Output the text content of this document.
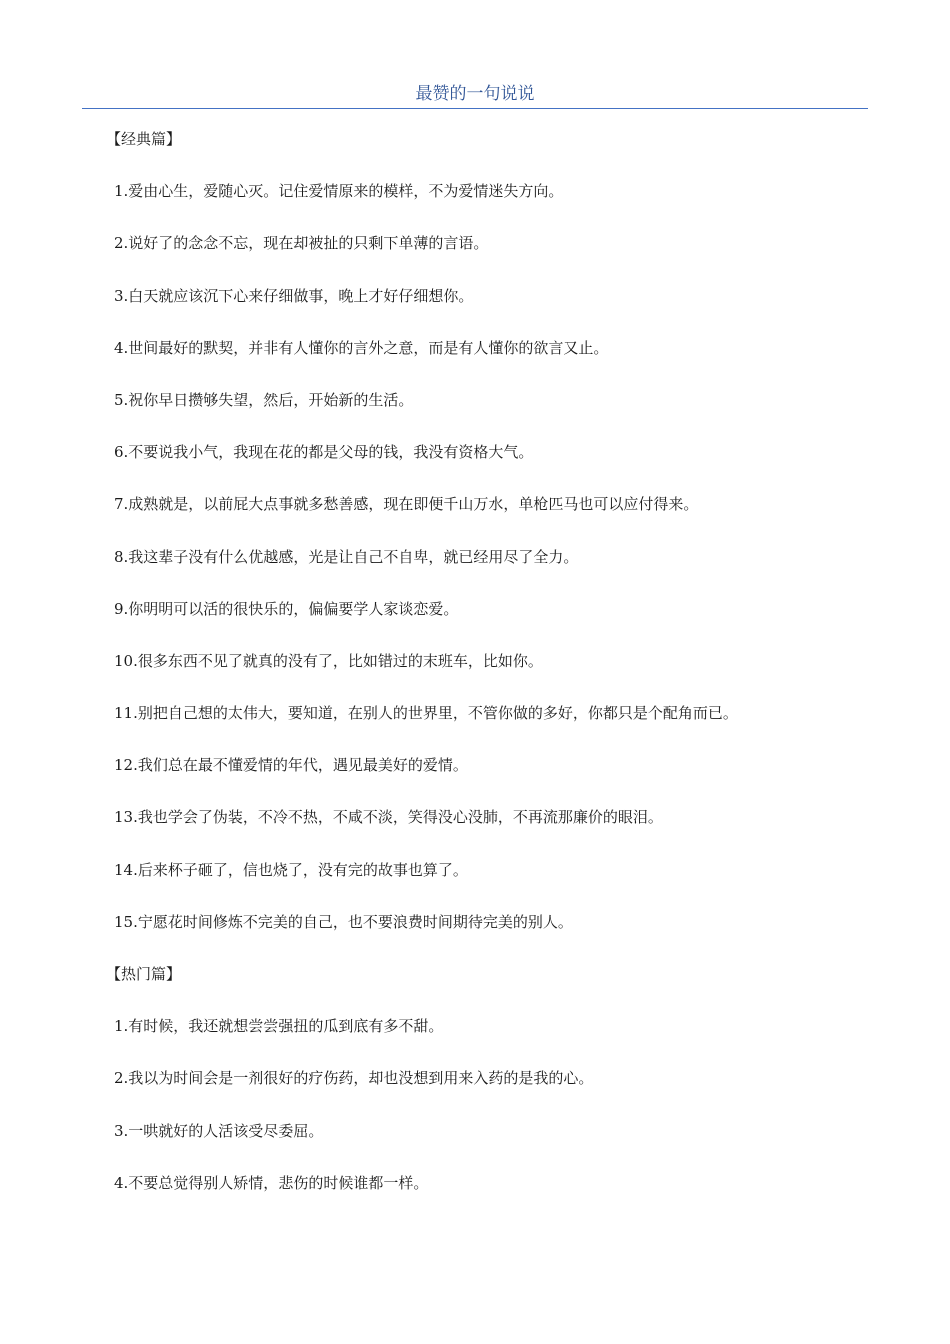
最赞的一句说说
【经典篇】
1.爱由心生，爱随心灭。记住爱情原来的模样，不为爱情迷失方向。
2.说好了的念念不忘，现在却被扯的只剩下单薄的言语。
3.白天就应该沉下心来仔细做事，晚上才好仔细想你。
4.世间最好的默契，并非有人懂你的言外之意，而是有人懂你的欲言又止。
5.祝你早日攒够失望，然后，开始新的生活。
6.不要说我小气，我现在花的都是父母的钱，我没有资格大气。
7.成熟就是，以前屁大点事就多愁善感，现在即便千山万水，单枪匹马也可以应付得来。
8.我这辈子没有什么优越感，光是让自己不自卑，就已经用尽了全力。
9.你明明可以活的很快乐的，偏偏要学人家谈恋爱。
10.很多东西不见了就真的没有了，比如错过的末班车，比如你。
11.别把自己想的太伟大，要知道，在别人的世界里，不管你做的多好，你都只是个配角而已。
12.我们总在最不懂爱情的年代，遇见最美好的爱情。
13.我也学会了伪装，不冷不热，不咸不淡，笑得没心没肺，不再流那廉价的眼泪。
14.后来杯子砸了，信也烧了，没有完的故事也算了。
15.宁愿花时间修炼不完美的自己，也不要浪费时间期待完美的别人。
【热门篇】
1.有时候，我还就想尝尝强扭的瓜到底有多不甜。
2.我以为时间会是一剂很好的疗伤药，却也没想到用来入药的是我的心。
3.一哄就好的人活该受尽委屈。
4.不要总觉得别人矫情，悲伤的时候谁都一样。
